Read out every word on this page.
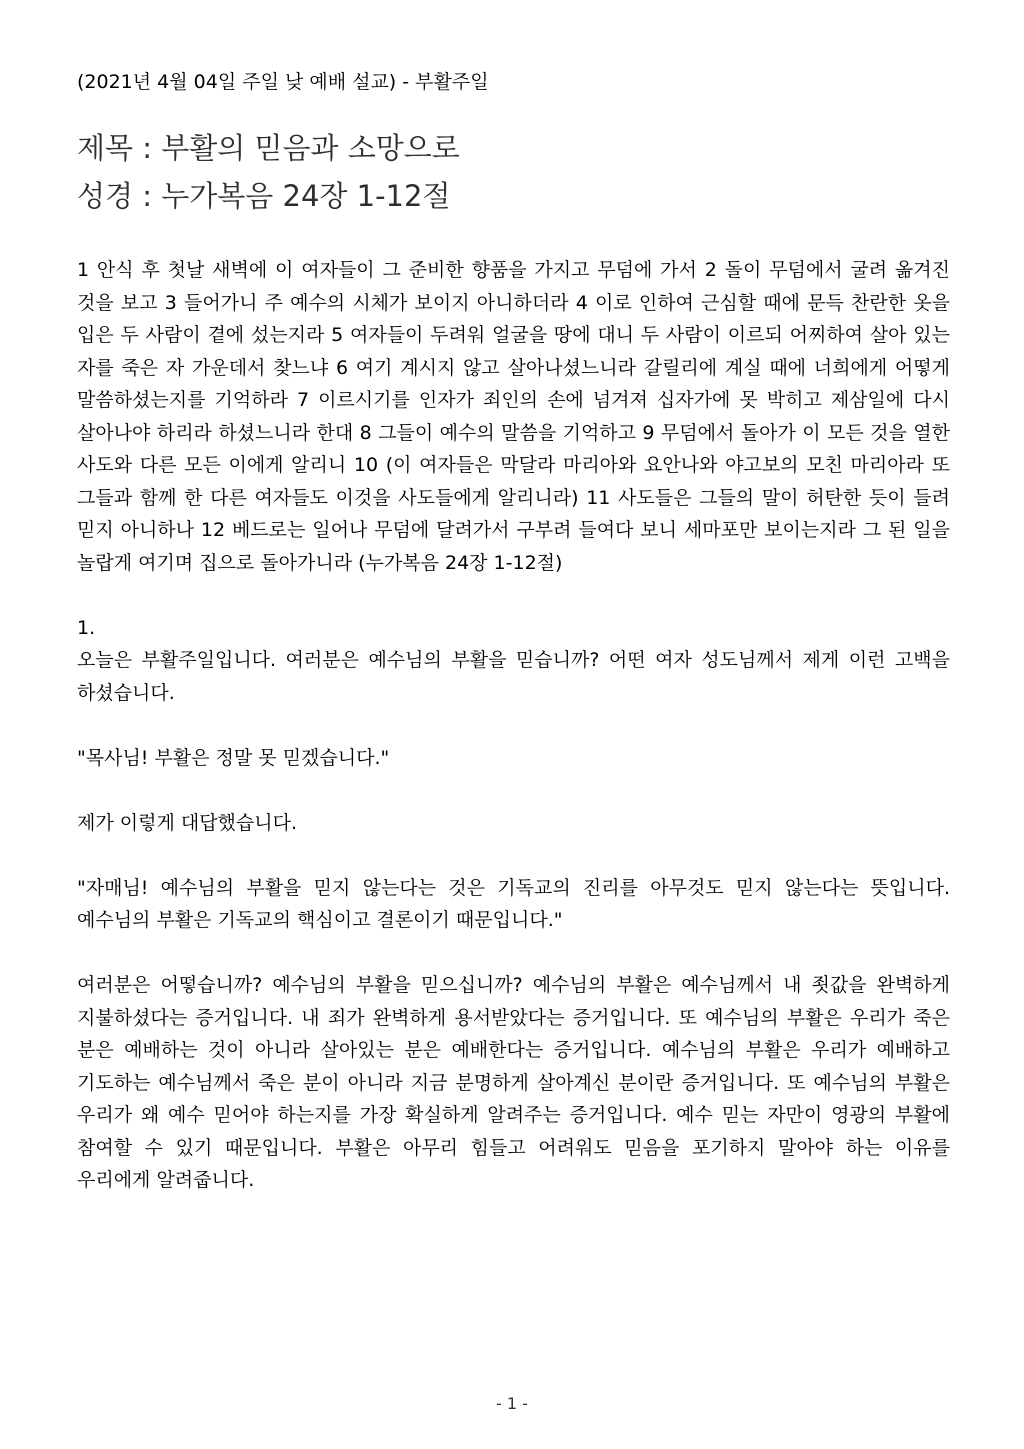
(2021년 4월 04일 주일 낮 예배 설교) - 부활주일

제목 : 부활의 믿음과 소망으로

성경 : 누가복음 24장 1-12절

1 안식 후 첫날 새벽에 이 여자들이 그 준비한 향품을 가지고 무덤에 가서 2 돌이 무덤에서 굴려 옮겨진 것을 보고 3 들어가니 주 예수의 시체가 보이지 아니하더라 4 이로 인하여 근심할 때에 문득 찬란한 옷을 입은 두 사람이 곁에 섰는지라 5 여자들이 두려워 얼굴을 땅에 대니 두 사람이 이르되 어찌하여 살아 있는 자를 죽은 자 가운데서 찾느냐 6 여기 계시지 않고 살아나셨느니라 갈릴리에 계실 때에 너희에게 어떻게 말씀하셨는지를 기억하라 7 이르시기를 인자가 죄인의 손에 넘겨져 십자가에 못 박히고 제삼일에 다시 살아나야 하리라 하셨느니라 한대 8 그들이 예수의 말씀을 기억하고 9 무덤에서 돌아가 이 모든 것을 열한 사도와 다른 모든 이에게 알리니 10 (이 여자들은 막달라 마리아와 요안나와 야고보의 모친 마리아라 또 그들과 함께 한 다른 여자들도 이것을 사도들에게 알리니라) 11 사도들은 그들의 말이 허탄한 듯이 들려 믿지 아니하나 12 베드로는 일어나 무덤에 달려가서 구부려 들여다 보니 세마포만 보이는지라 그 된 일을 놀랍게 여기며 집으로 돌아가니라 (누가복음 24장 1-12절)

1.

오늘은 부활주일입니다. 여러분은 예수님의 부활을 믿습니까? 어떤 여자 성도님께서 제게 이런 고백을 하셨습니다.

"목사님! 부활은 정말 못 믿겠습니다."

제가 이렇게 대답했습니다.

"자매님! 예수님의 부활을 믿지 않는다는 것은 기독교의 진리를 아무것도 믿지 않는다는 뜻입니다. 예수님의 부활은 기독교의 핵심이고 결론이기 때문입니다."

여러분은 어떻습니까? 예수님의 부활을 믿으십니까? 예수님의 부활은 예수님께서 내 죗값을 완벽하게 지불하셨다는 증거입니다. 내 죄가 완벽하게 용서받았다는 증거입니다. 또 예수님의 부활은 우리가 죽은 분은 예배하는 것이 아니라 살아있는 분은 예배한다는 증거입니다. 예수님의 부활은 우리가 예배하고 기도하는 예수님께서 죽은 분이 아니라 지금 분명하게 살아계신 분이란 증거입니다. 또 예수님의 부활은 우리가 왜 예수 믿어야 하는지를 가장 확실하게 알려주는 증거입니다. 예수 믿는 자만이 영광의 부활에 참여할 수 있기 때문입니다. 부활은 아무리 힘들고 어려워도 믿음을 포기하지 말아야 하는 이유를 우리에게 알려줍니다.

- 1 -
